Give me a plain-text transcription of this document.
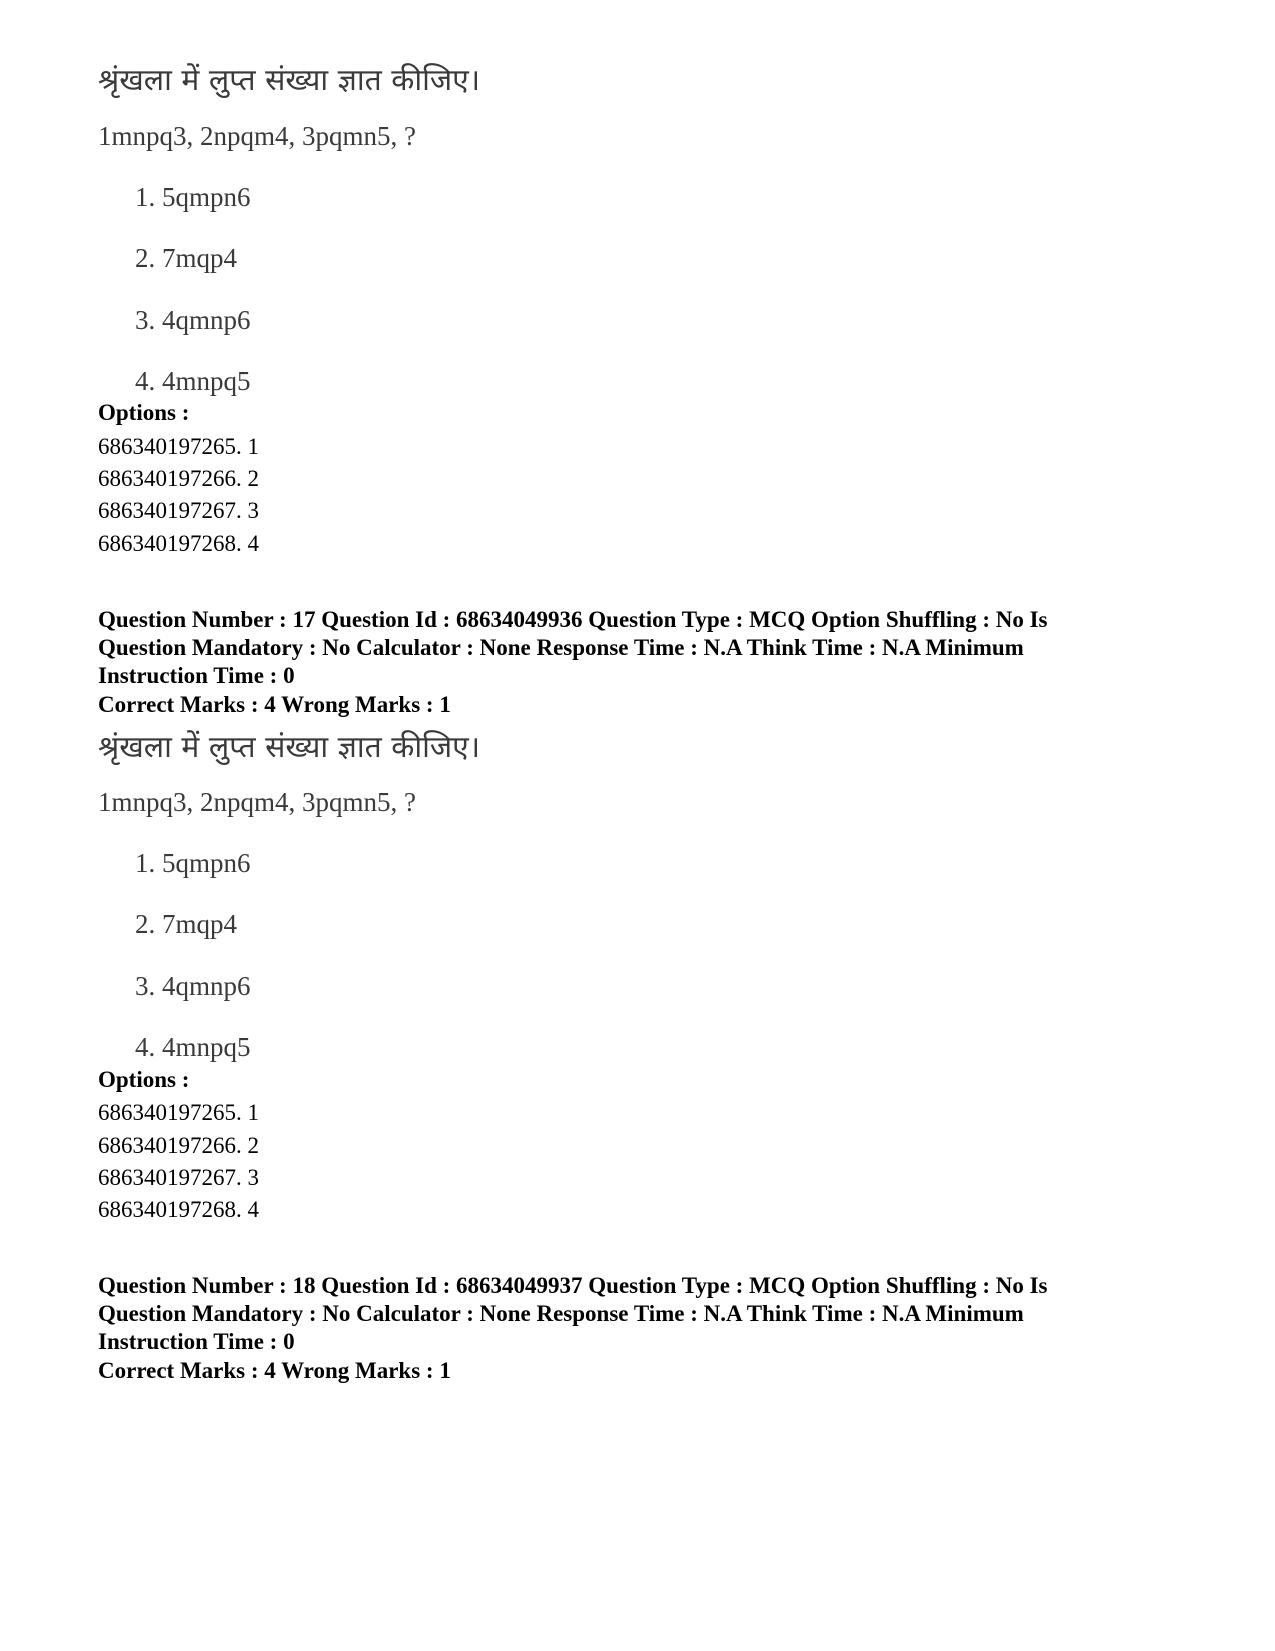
श्रृंखला में लुप्त संख्या ज्ञात कीजिए।
1mnpq3, 2npqm4, 3pqmn5, ?
1. 5qmpn6
2. 7mqp4
3. 4qmnp6
4. 4mnpq5
Options :
686340197265. 1
686340197266. 2
686340197267. 3
686340197268. 4
Question Number : 17 Question Id : 68634049936 Question Type : MCQ Option Shuffling : No Is
Question Mandatory : No Calculator : None Response Time : N.A Think Time : N.A Minimum
Instruction Time : 0
Correct Marks : 4 Wrong Marks : 1
श्रृंखला में लुप्त संख्या ज्ञात कीजिए।
1mnpq3, 2npqm4, 3pqmn5, ?
1. 5qmpn6
2. 7mqp4
3. 4qmnp6
4. 4mnpq5
Options :
686340197265. 1
686340197266. 2
686340197267. 3
686340197268. 4
Question Number : 18 Question Id : 68634049937 Question Type : MCQ Option Shuffling : No Is
Question Mandatory : No Calculator : None Response Time : N.A Think Time : N.A Minimum
Instruction Time : 0
Correct Marks : 4 Wrong Marks : 1
